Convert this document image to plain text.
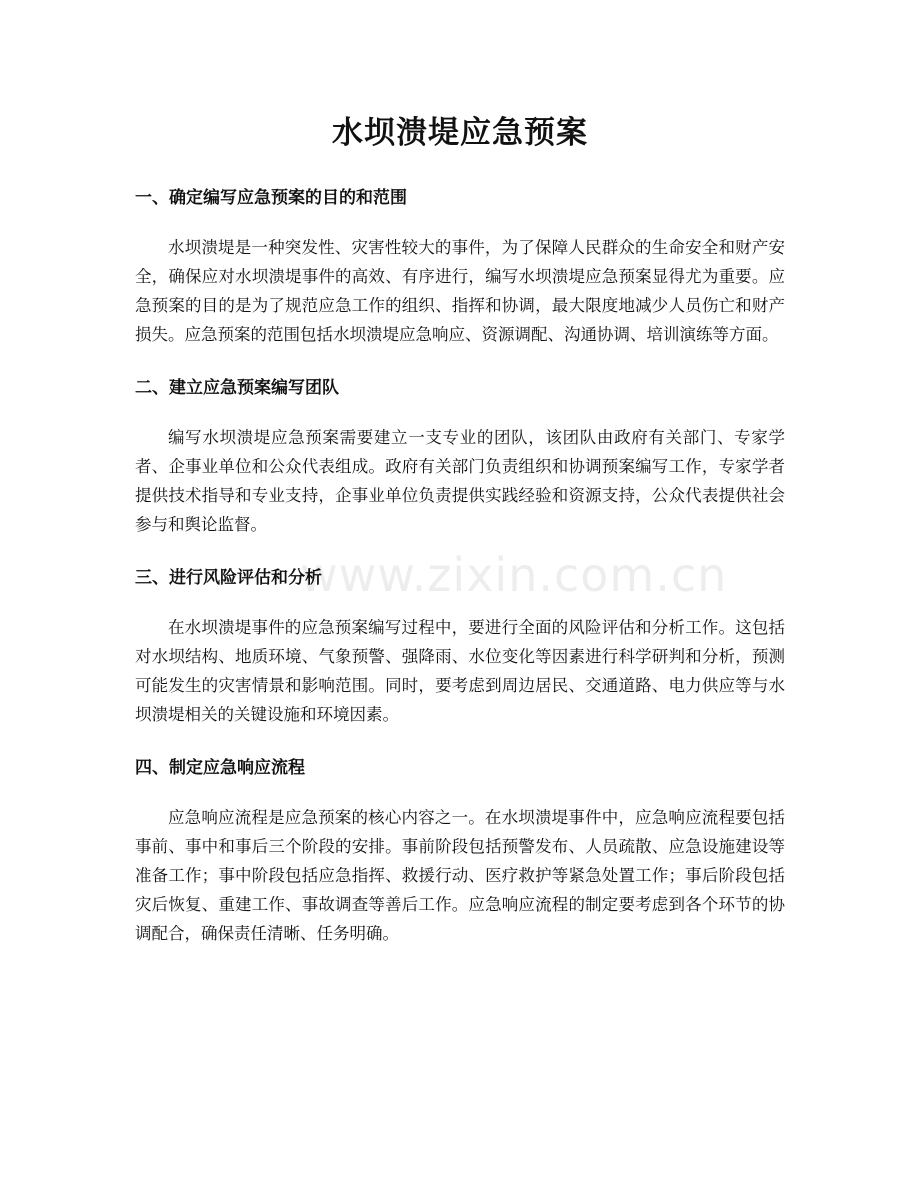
水坝溃堤应急预案
一、确定编写应急预案的目的和范围

水坝溃堤是一种突发性、灾害性较大的事件，为了保障人民群众的生命安全和财产安全，确保应对水坝溃堤事件的高效、有序进行，编写水坝溃堤应急预案显得尤为重要。应急预案的目的是为了规范应急工作的组织、指挥和协调，最大限度地减少人员伤亡和财产损失。应急预案的范围包括水坝溃堤应急响应、资源调配、沟通协调、培训演练等方面。

二、建立应急预案编写团队

编写水坝溃堤应急预案需要建立一支专业的团队，该团队由政府有关部门、专家学者、企事业单位和公众代表组成。政府有关部门负责组织和协调预案编写工作，专家学者提供技术指导和专业支持，企事业单位负责提供实践经验和资源支持，公众代表提供社会参与和舆论监督。

三、进行风险评估和分析

在水坝溃堤事件的应急预案编写过程中，要进行全面的风险评估和分析工作。这包括对水坝结构、地质环境、气象预警、强降雨、水位变化等因素进行科学研判和分析，预测可能发生的灾害情景和影响范围。同时，要考虑到周边居民、交通道路、电力供应等与水坝溃堤相关的关键设施和环境因素。

四、制定应急响应流程

应急响应流程是应急预案的核心内容之一。在水坝溃堤事件中，应急响应流程要包括事前、事中和事后三个阶段的安排。事前阶段包括预警发布、人员疏散、应急设施建设等准备工作；事中阶段包括应急指挥、救援行动、医疗救护等紧急处置工作；事后阶段包括灾后恢复、重建工作、事故调查等善后工作。应急响应流程的制定要考虑到各个环节的协调配合，确保责任清晰、任务明确。

www.zixin.com.cn
